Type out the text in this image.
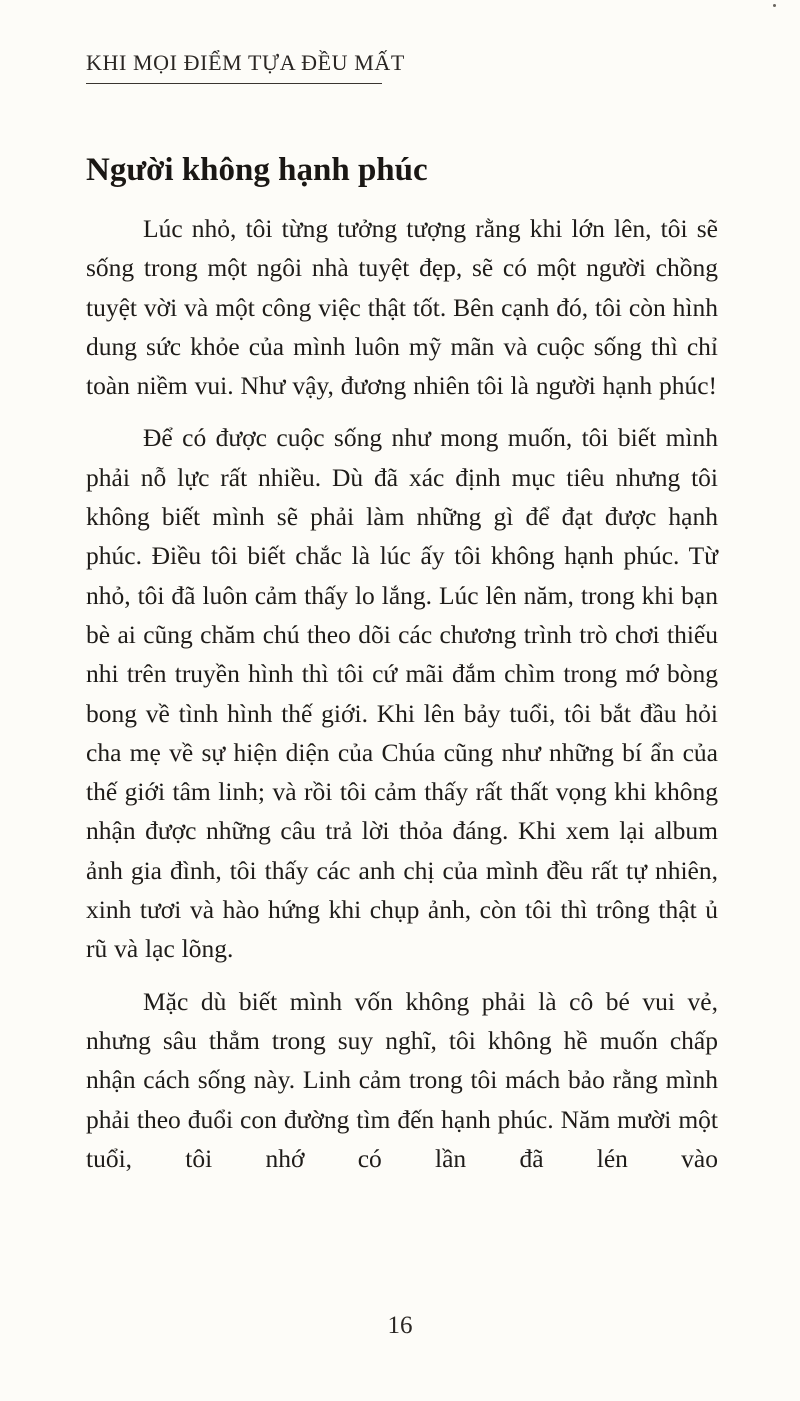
KHI MỌI ĐIỂM TỰA ĐỀU MẤT
Người không hạnh phúc

Lúc nhỏ, tôi từng tưởng tượng rằng khi lớn lên, tôi sẽ sống trong một ngôi nhà tuyệt đẹp, sẽ có một người chồng tuyệt vời và một công việc thật tốt. Bên cạnh đó, tôi còn hình dung sức khỏe của mình luôn mỹ mãn và cuộc sống thì chỉ toàn niềm vui. Như vậy, đương nhiên tôi là người hạnh phúc!

Để có được cuộc sống như mong muốn, tôi biết mình phải nỗ lực rất nhiều. Dù đã xác định mục tiêu nhưng tôi không biết mình sẽ phải làm những gì để đạt được hạnh phúc. Điều tôi biết chắc là lúc ấy tôi không hạnh phúc. Từ nhỏ, tôi đã luôn cảm thấy lo lắng. Lúc lên năm, trong khi bạn bè ai cũng chăm chú theo dõi các chương trình trò chơi thiếu nhi trên truyền hình thì tôi cứ mãi đắm chìm trong mớ bòng bong về tình hình thế giới. Khi lên bảy tuổi, tôi bắt đầu hỏi cha mẹ về sự hiện diện của Chúa cũng như những bí ẩn của thế giới tâm linh; và rồi tôi cảm thấy rất thất vọng khi không nhận được những câu trả lời thỏa đáng. Khi xem lại album ảnh gia đình, tôi thấy các anh chị của mình đều rất tự nhiên, xinh tươi và hào hứng khi chụp ảnh, còn tôi thì trông thật ủ rũ và lạc lõng.

Mặc dù biết mình vốn không phải là cô bé vui vẻ, nhưng sâu thẳm trong suy nghĩ, tôi không hề muốn chấp nhận cách sống này. Linh cảm trong tôi mách bảo rằng mình phải theo đuổi con đường tìm đến hạnh phúc. Năm mười một tuổi, tôi nhớ có lần đã lén vào

16
